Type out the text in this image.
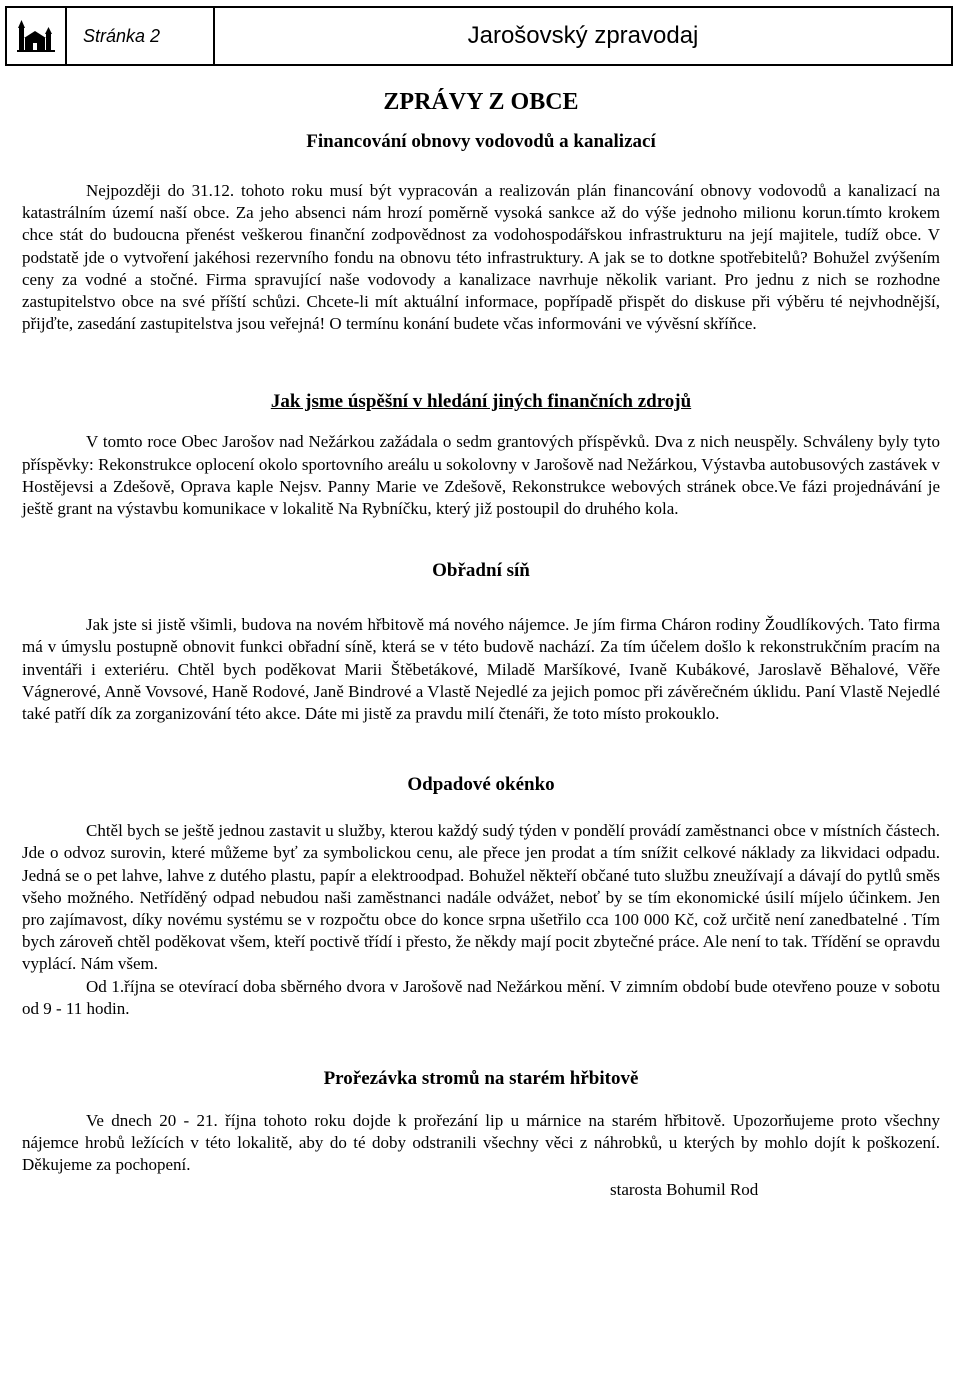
Stránka 2	Jarošovský zpravodaj
ZPRÁVY Z OBCE
Financování obnovy vodovodů a kanalizací

Nejpozději do 31.12. tohoto roku musí být vypracován a realizován plán financování obnovy vodovodů a kanalizací na katastrálním území naší obce. Za jeho absenci nám hrozí poměrně vysoká sankce až do výše jednoho milionu korun.tímto krokem chce stát do budoucna přenést veškerou finanční zodpovědnost za vodohospodářskou infrastrukturu na její majitele, tudíž obce. V podstatě jde o vytvoření jakéhosi rezervního fondu na obnovu této infrastruktury. A jak se to dotkne spotřebitelů? Bohužel zvýšením ceny za vodné a stočné. Firma spravující naše vodovody a kanalizace navrhuje několik variant. Pro jednu z nich se rozhodne zastupitelstvo obce na své příští schůzi. Chcete-li mít aktuální informace, popřípadě přispět do diskuse při výběru té nejvhodnější, přijďte, zasedání zastupitelstva jsou veřejná! O termínu konání budete včas informováni ve vývěsní skříňce.

Jak jsme úspěšní v hledání jiných finančních zdrojů

V tomto roce Obec Jarošov nad Nežárkou zažádala o sedm grantových příspěvků. Dva z nich neuspěly. Schváleny byly tyto příspěvky: Rekonstrukce oplocení okolo sportovního areálu u sokolovny v Jarošově nad Nežárkou, Výstavba autobusových zastávek v Hostějevsi a Zdešově, Oprava kaple Nejsv. Panny Marie ve Zdešově, Rekonstrukce webových stránek obce.Ve fázi projednávání je ještě grant na výstavbu komunikace v lokalitě Na Rybníčku, který již postoupil do druhého kola.

Obřadní síň

Jak jste si jistě všimli, budova na novém hřbitově má nového nájemce. Je jím firma Cháron rodiny Žoudlíkových. Tato firma má v úmyslu postupně obnovit funkci obřadní síně, která se v této budově nachází. Za tím účelem došlo k rekonstrukčním pracím na inventáři i exteriéru. Chtěl bych poděkovat Marii Štěbetákové, Miladě Maršíkové, Ivaně Kubákové, Jaroslavě Běhalové, Věře Vágnerové, Anně Vovsové, Haně Rodové, Janě Bindrové a Vlastě Nejedlé za jejich pomoc při závěrečném úklidu. Paní Vlastě Nejedlé také patří dík za zorganizování této akce. Dáte mi jistě za pravdu milí čtenáři, že toto místo prokouklo.

Odpadové okénko

Chtěl bych se ještě jednou zastavit u služby, kterou každý sudý týden v pondělí provádí zaměstnanci obce v místních částech. Jde o odvoz surovin, které můžeme byť za symbolickou cenu, ale přece jen prodat a tím snížit celkové náklady za likvidaci odpadu. Jedná se o pet lahve, lahve z dutého plastu, papír a elektroodpad. Bohužel někteří občané tuto službu zneužívají a dávají do pytlů směs všeho možného. Netříděný odpad nebudou naši zaměstnanci nadále odvážet, neboť by se tím ekonomické úsilí míjelo účinkem. Jen pro zajímavost, díky novému systému se v rozpočtu obce do konce srpna ušetřilo cca 100 000 Kč, což určitě není zanedbatelné . Tím bych zároveň chtěl poděkovat všem, kteří poctivě třídí i přesto, že někdy mají pocit zbytečné práce. Ale není to tak. Třídění se opravdu vyplácí. Nám všem.

Od 1.října se otevírací doba sběrného dvora v Jarošově nad Nežárkou mění. V zimním období bude otevřeno pouze v sobotu od 9 - 11 hodin.

Prořezávka stromů na starém hřbitově

Ve dnech 20 - 21. října tohoto roku dojde k prořezání lip u márnice na starém hřbitově. Upozorňujeme proto všechny nájemce hrobů ležících v této lokalitě, aby do té doby odstranili všechny věci z náhrobků, u kterých by mohlo dojít k poškození. Děkujeme za pochopení.

starosta Bohumil Rod
